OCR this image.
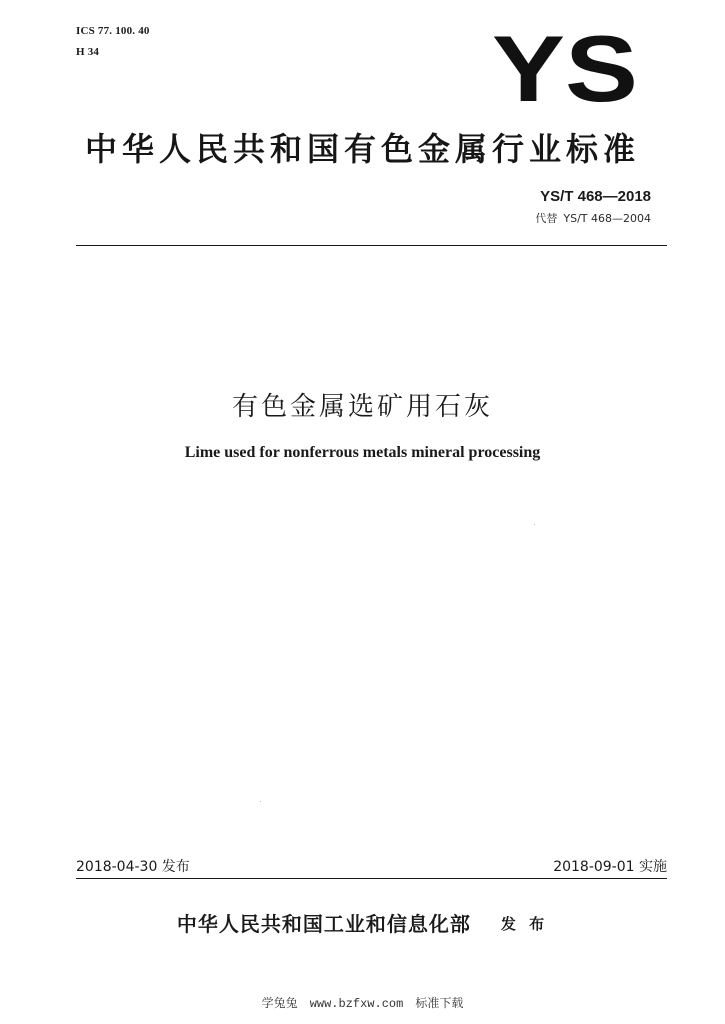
ICS 77. 100. 40
H 34	YS
中华人民共和国有色金属行业标准
YS/T 468—2018
代替 YS/T 468—2004
有色金属选矿用石灰
Lime used for nonferrous metals mineral processing
2018-04-30 发布	2018-09-01 实施
中华人民共和国工业和信息化部 发 布
学兔兔 www.bzfxw.com 标准下载
